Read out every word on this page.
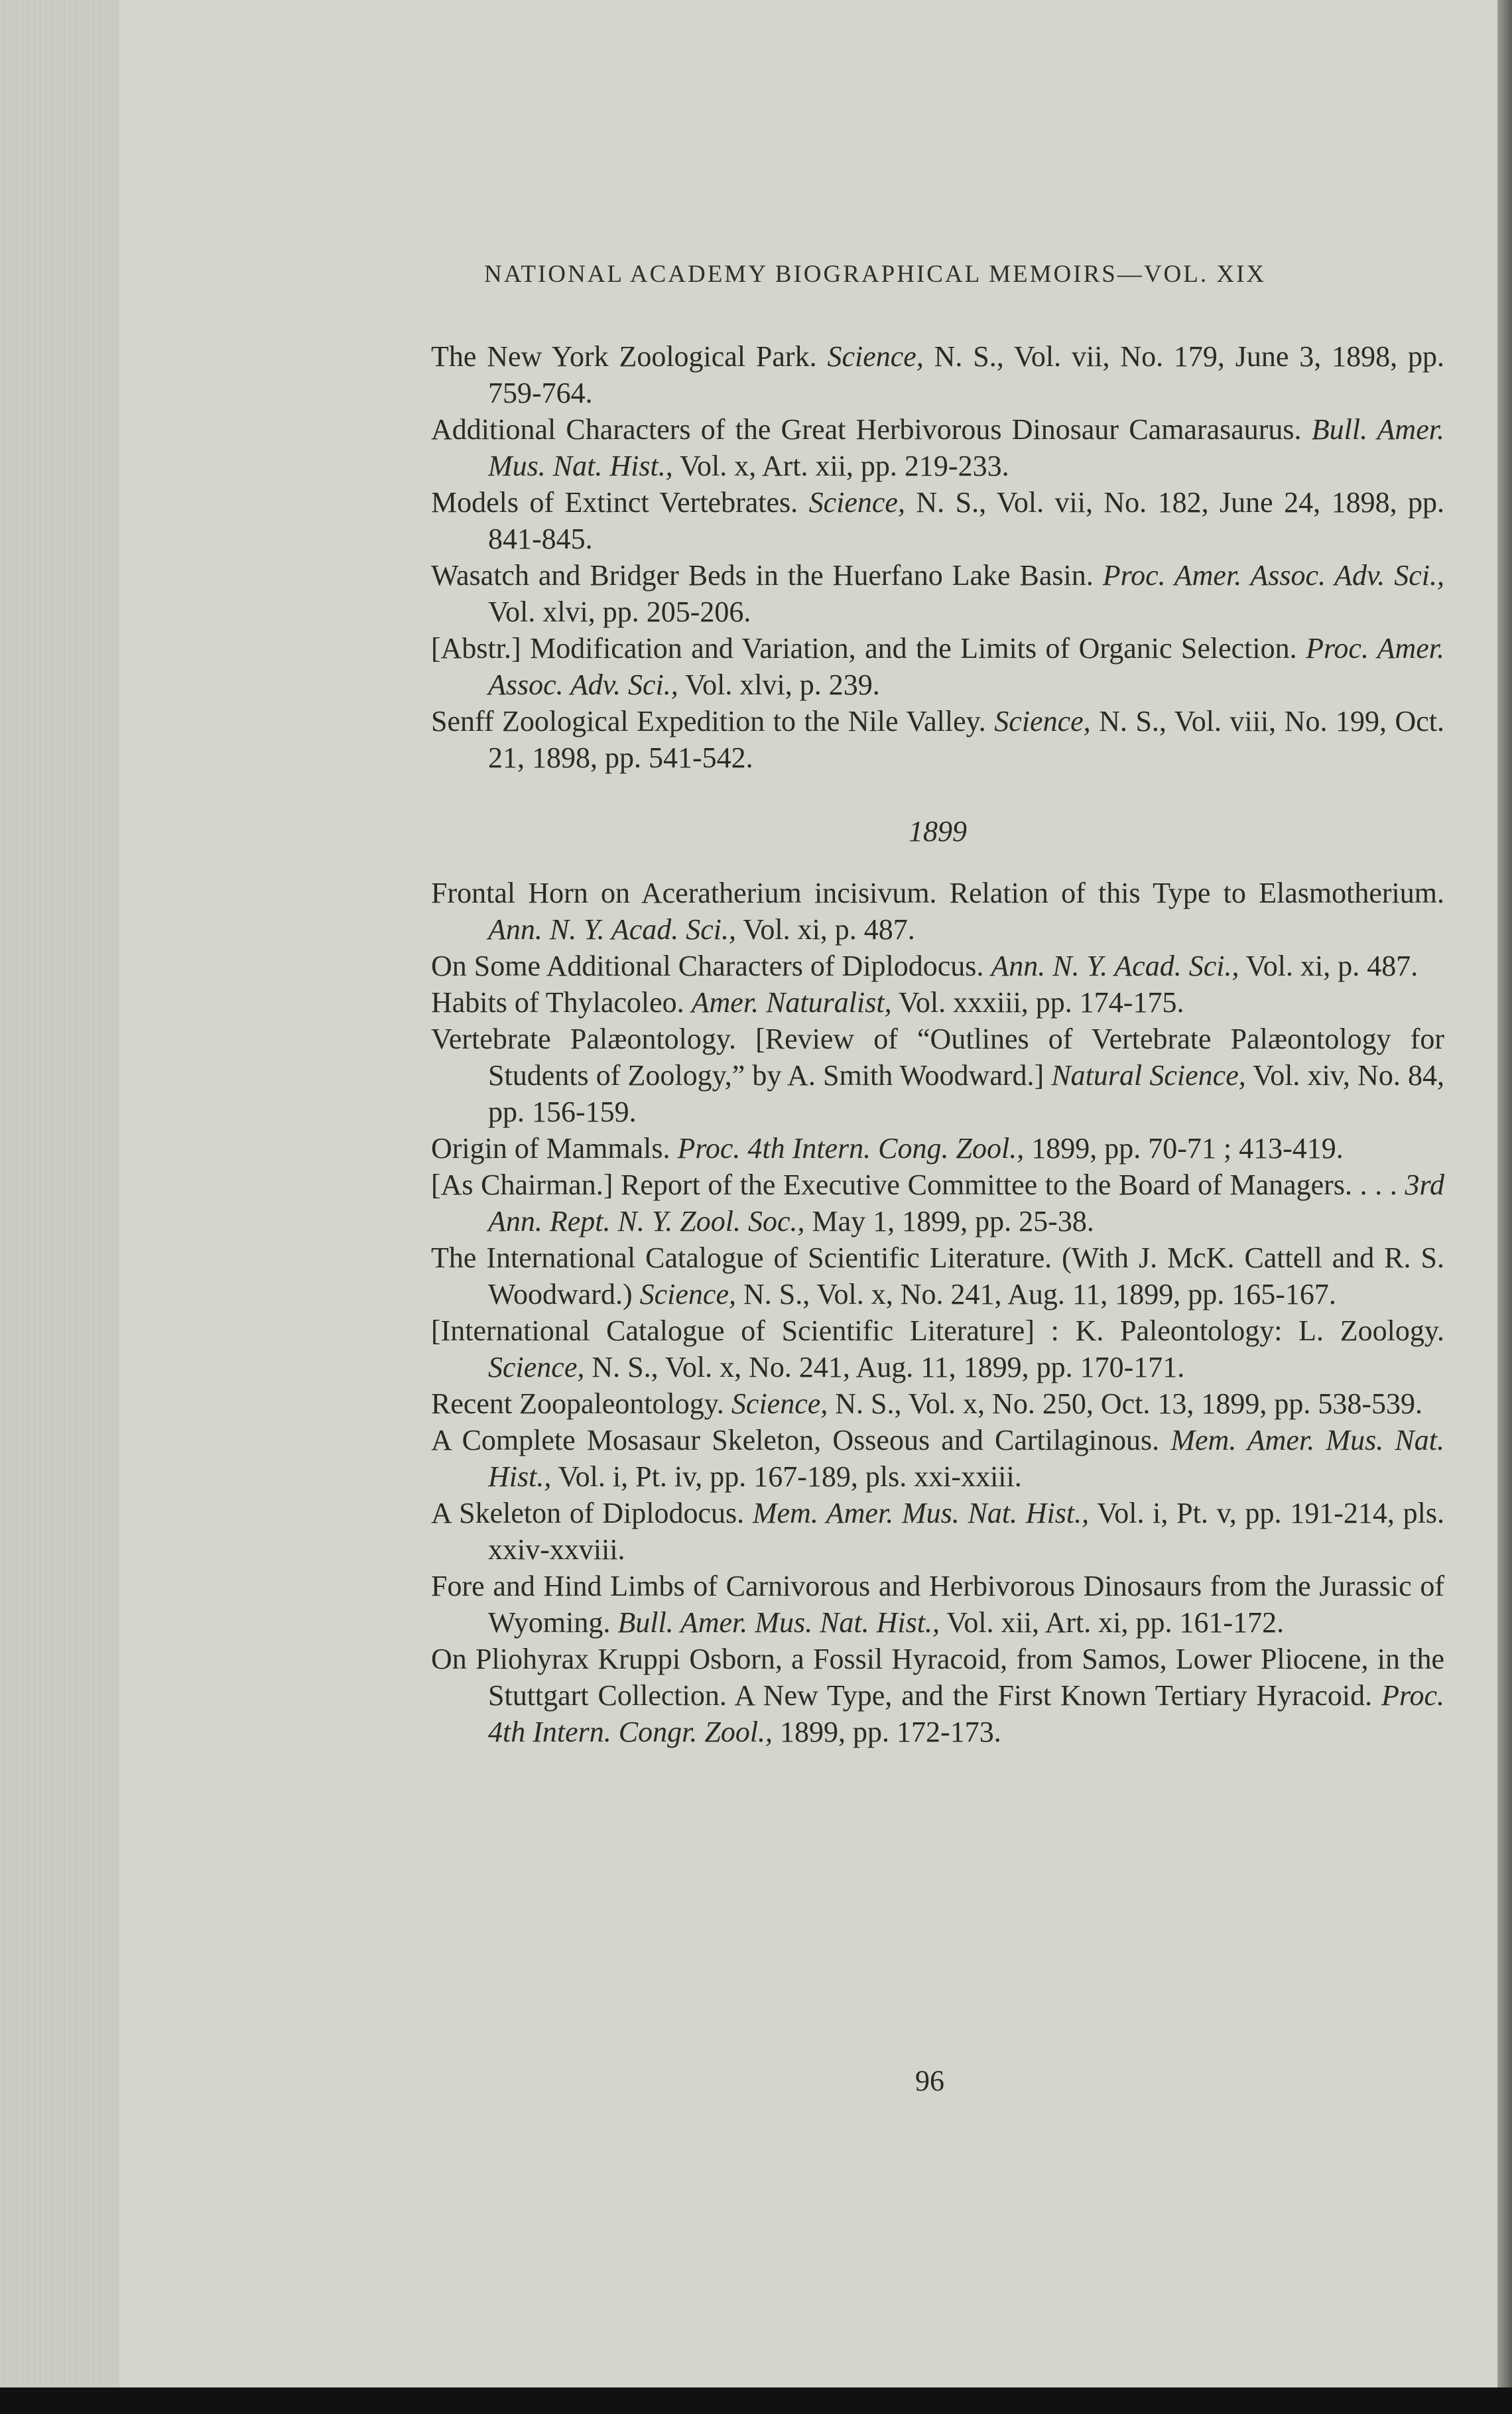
NATIONAL ACADEMY BIOGRAPHICAL MEMOIRS—VOL. XIX
The New York Zoological Park. Science, N. S., Vol. vii, No. 179, June 3, 1898, pp. 759-764.
Additional Characters of the Great Herbivorous Dinosaur Camarasaurus. Bull. Amer. Mus. Nat. Hist., Vol. x, Art. xii, pp. 219-233.
Models of Extinct Vertebrates. Science, N. S., Vol. vii, No. 182, June 24, 1898, pp. 841-845.
Wasatch and Bridger Beds in the Huerfano Lake Basin. Proc. Amer. Assoc. Adv. Sci., Vol. xlvi, pp. 205-206.
[Abstr.] Modification and Variation, and the Limits of Organic Selection. Proc. Amer. Assoc. Adv. Sci., Vol. xlvi, p. 239.
Senff Zoological Expedition to the Nile Valley. Science, N. S., Vol. viii, No. 199, Oct. 21, 1898, pp. 541-542.
1899
Frontal Horn on Aceratherium incisivum. Relation of this Type to Elasmotherium. Ann. N. Y. Acad. Sci., Vol. xi, p. 487.
On Some Additional Characters of Diplodocus. Ann. N. Y. Acad. Sci., Vol. xi, p. 487.
Habits of Thylacoleo. Amer. Naturalist, Vol. xxxiii, pp. 174-175.
Vertebrate Palæontology. [Review of “Outlines of Vertebrate Palæontology for Students of Zoology,” by A. Smith Woodward.] Natural Science, Vol. xiv, No. 84, pp. 156-159.
Origin of Mammals. Proc. 4th Intern. Cong. Zool., 1899, pp. 70-71 ; 413-419.
[As Chairman.] Report of the Executive Committee to the Board of Managers. . . . 3rd Ann. Rept. N. Y. Zool. Soc., May 1, 1899, pp. 25-38.
The International Catalogue of Scientific Literature. (With J. McK. Cattell and R. S. Woodward.) Science, N. S., Vol. x, No. 241, Aug. 11, 1899, pp. 165-167.
[International Catalogue of Scientific Literature] : K. Paleontology: L. Zoology. Science, N. S., Vol. x, No. 241, Aug. 11, 1899, pp. 170-171.
Recent Zoopaleontology. Science, N. S., Vol. x, No. 250, Oct. 13, 1899, pp. 538-539.
A Complete Mosasaur Skeleton, Osseous and Cartilaginous. Mem. Amer. Mus. Nat. Hist., Vol. i, Pt. iv, pp. 167-189, pls. xxi-xxiii.
A Skeleton of Diplodocus. Mem. Amer. Mus. Nat. Hist., Vol. i, Pt. v, pp. 191-214, pls. xxiv-xxviii.
Fore and Hind Limbs of Carnivorous and Herbivorous Dinosaurs from the Jurassic of Wyoming. Bull. Amer. Mus. Nat. Hist., Vol. xii, Art. xi, pp. 161-172.
On Pliohyrax Kruppi Osborn, a Fossil Hyracoid, from Samos, Lower Pliocene, in the Stuttgart Collection. A New Type, and the First Known Tertiary Hyracoid. Proc. 4th Intern. Congr. Zool., 1899, pp. 172-173.
96
